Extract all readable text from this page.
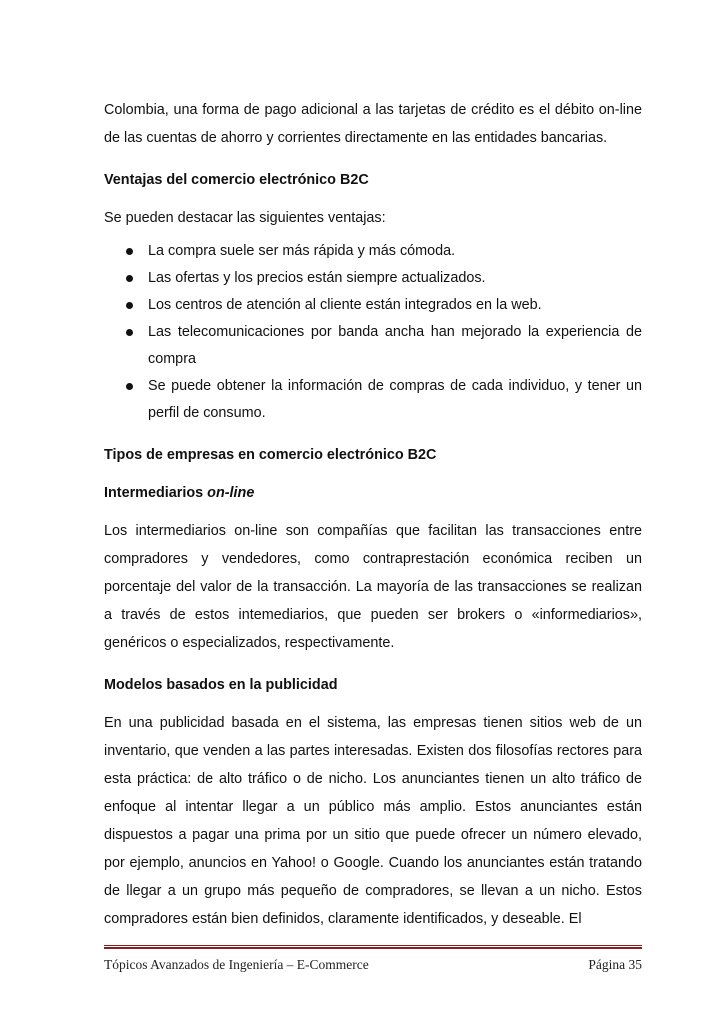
Colombia, una forma de pago adicional a las tarjetas de crédito es el débito on-line de las cuentas de ahorro y corrientes directamente en las entidades bancarias.

Ventajas del comercio electrónico B2C

Se pueden destacar las siguientes ventajas:

La compra suele ser más rápida y más cómoda.
Las ofertas y los precios están siempre actualizados.
Los centros de atención al cliente están integrados en la web.
Las telecomunicaciones por banda ancha han mejorado la experiencia de compra
Se puede obtener la información de compras de cada individuo, y tener un perfil de consumo.
Tipos de empresas en comercio electrónico B2C
Intermediarios on-line

Los intermediarios on-line son compañías que facilitan las transacciones entre compradores y vendedores, como contraprestación económica reciben un porcentaje del valor de la transacción. La mayoría de las transacciones se realizan a través de estos intemediarios, que pueden ser brokers o «informediarios», genéricos o especializados, respectivamente.

Modelos basados en la publicidad

En una publicidad basada en el sistema, las empresas tienen sitios web de un inventario, que venden a las partes interesadas. Existen dos filosofías rectores para esta práctica: de alto tráfico o de nicho. Los anunciantes tienen un alto tráfico de enfoque al intentar llegar a un público más amplio. Estos anunciantes están dispuestos a pagar una prima por un sitio que puede ofrecer un número elevado, por ejemplo, anuncios en Yahoo! o Google. Cuando los anunciantes están tratando de llegar a un grupo más pequeño de compradores, se llevan a un nicho. Estos compradores están bien definidos, claramente identificados, y deseable. El

Tópicos Avanzados de Ingeniería – E-Commerce	Página 35
